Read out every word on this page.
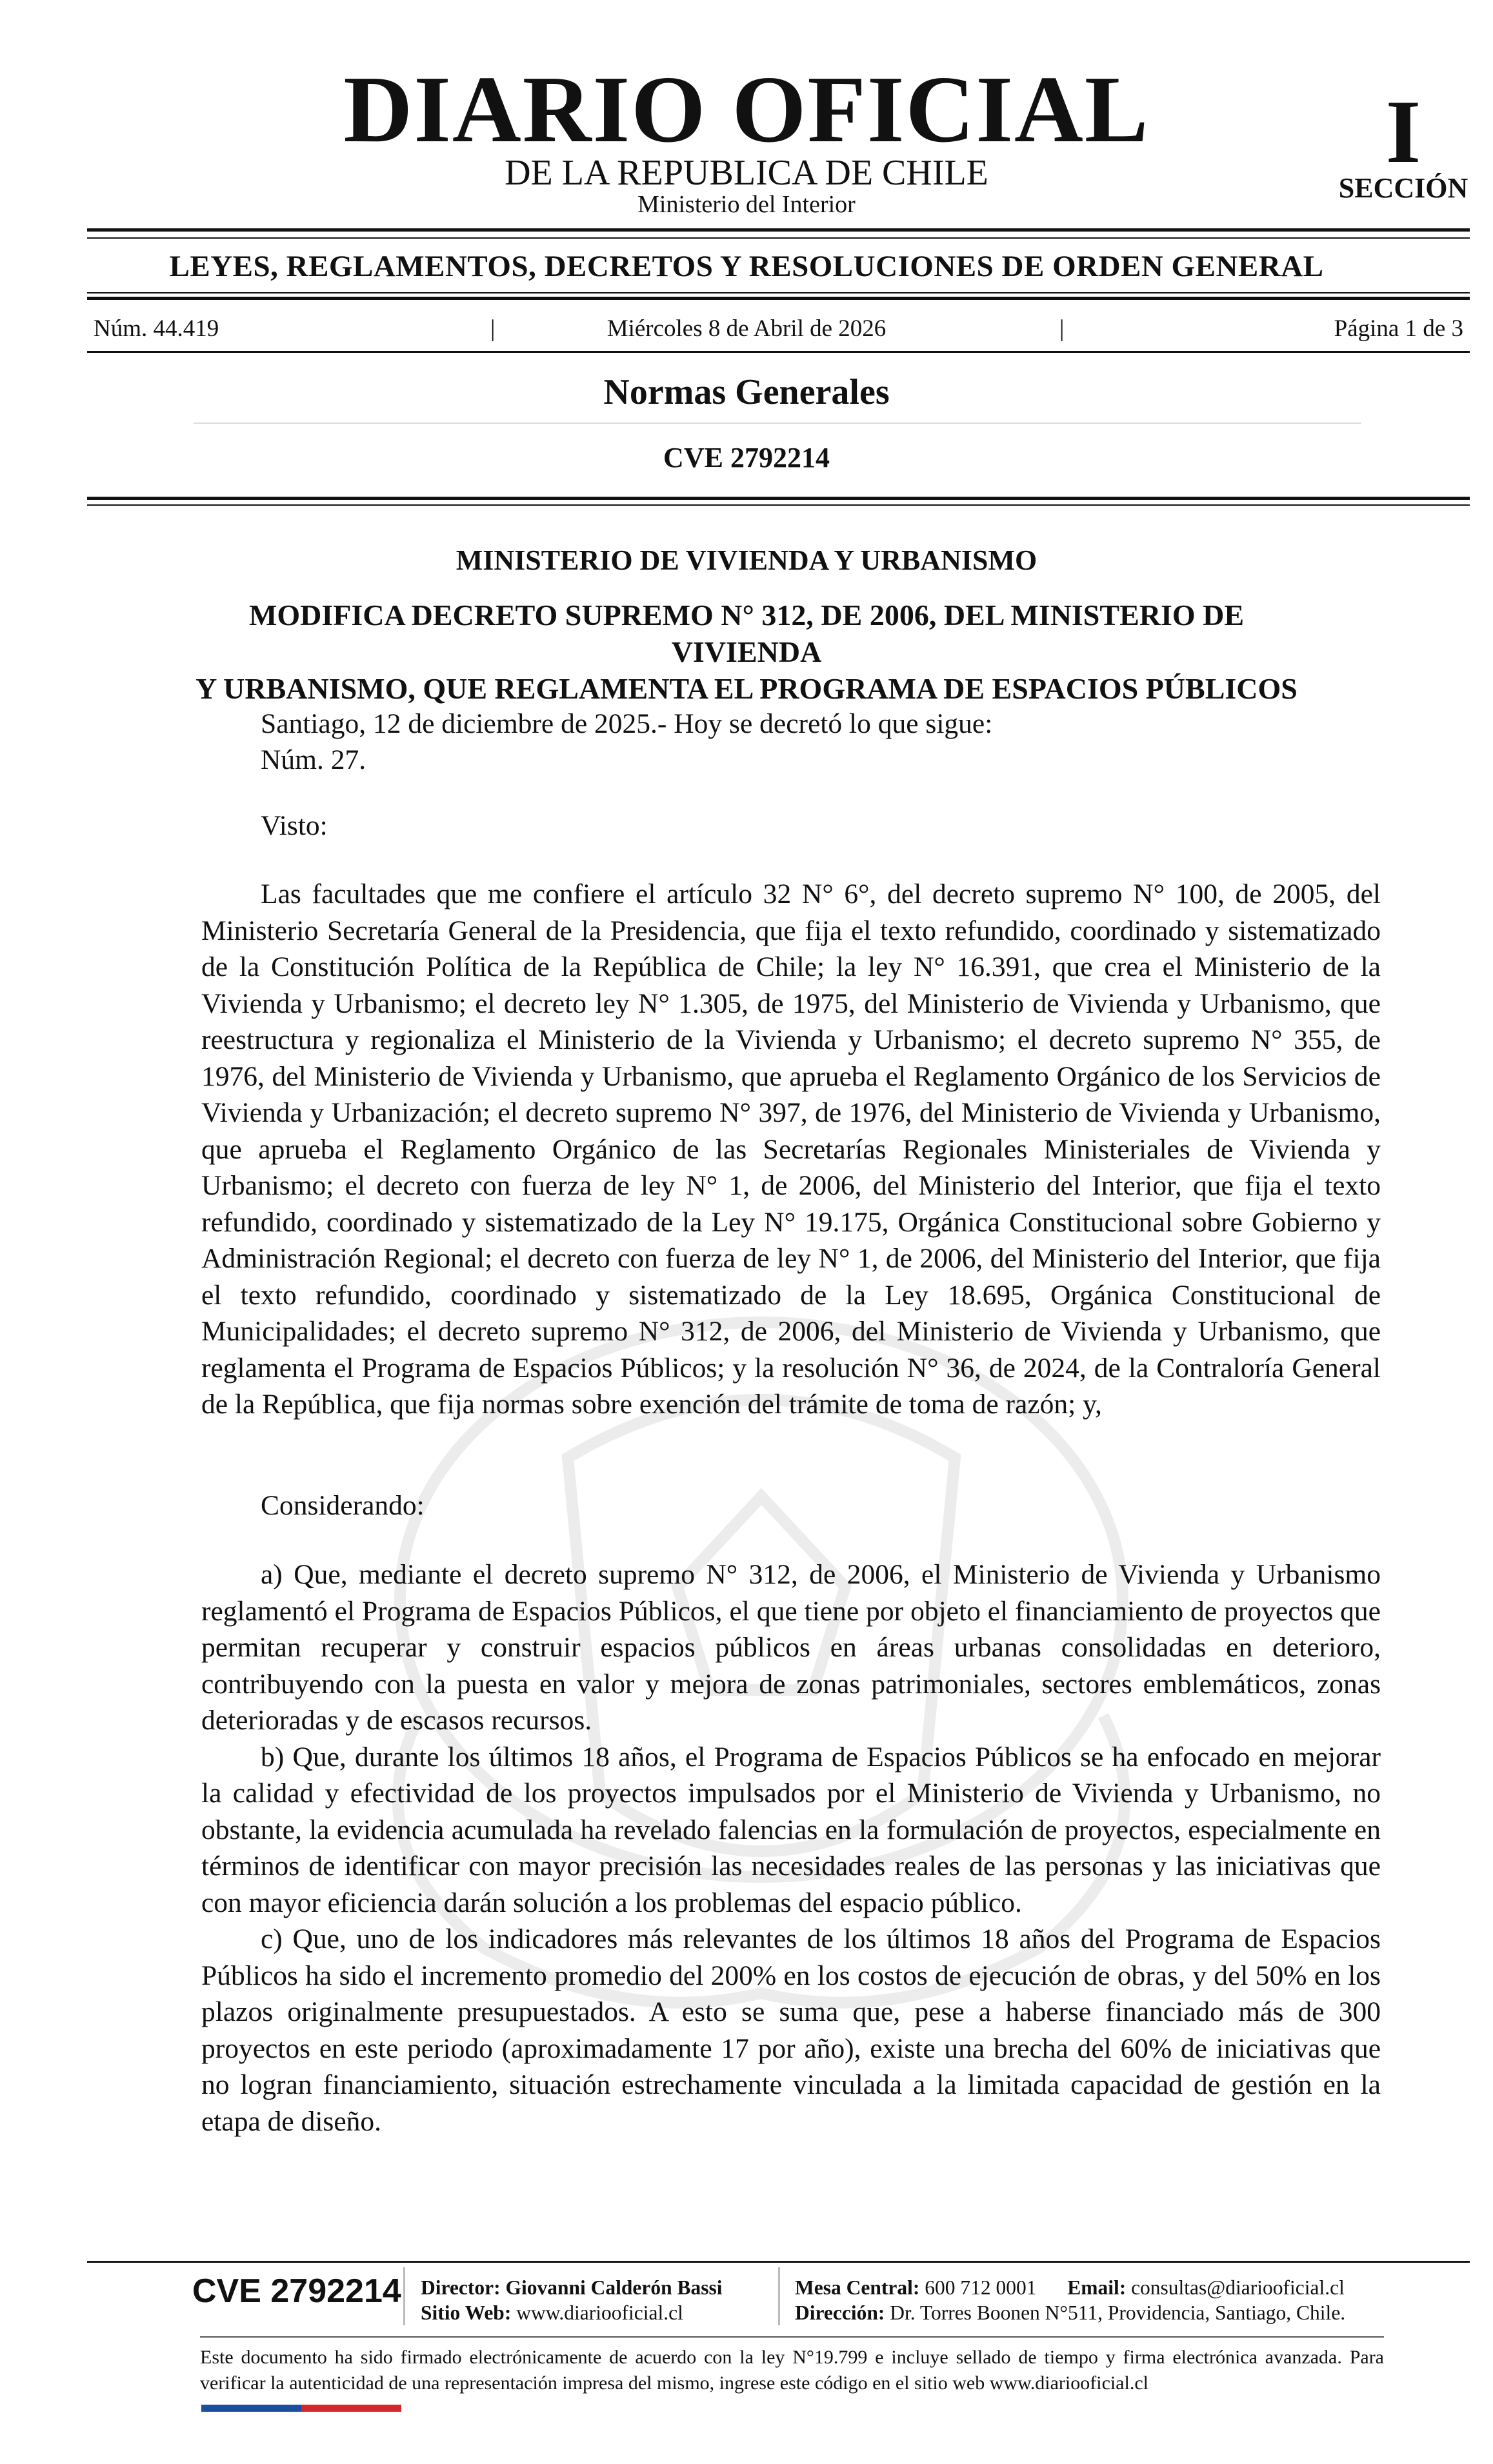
DIARIO OFICIAL
DE LA REPUBLICA DE CHILE
Ministerio del Interior
I
SECCIÓN
LEYES, REGLAMENTOS, DECRETOS Y RESOLUCIONES DE ORDEN GENERAL
Núm. 44.419	|	Miércoles 8 de Abril de 2026	|	Página 1 de 3
Normas Generales
CVE 2792214
MINISTERIO DE VIVIENDA Y URBANISMO
MODIFICA DECRETO SUPREMO N° 312, DE 2006, DEL MINISTERIO DE VIVIENDA
Y URBANISMO, QUE REGLAMENTA EL PROGRAMA DE ESPACIOS PÚBLICOS
Santiago, 12 de diciembre de 2025.- Hoy se decretó lo que sigue:
Núm. 27.
Visto:

Las facultades que me confiere el artículo 32 N° 6°, del decreto supremo N° 100, de 2005, del Ministerio Secretaría General de la Presidencia, que fija el texto refundido, coordinado y sistematizado de la Constitución Política de la República de Chile; la ley N° 16.391, que crea el Ministerio de la Vivienda y Urbanismo; el decreto ley N° 1.305, de 1975, del Ministerio de Vivienda y Urbanismo, que reestructura y regionaliza el Ministerio de la Vivienda y Urbanismo; el decreto supremo N° 355, de 1976, del Ministerio de Vivienda y Urbanismo, que aprueba el Reglamento Orgánico de los Servicios de Vivienda y Urbanización; el decreto supremo N° 397, de 1976, del Ministerio de Vivienda y Urbanismo, que aprueba el Reglamento Orgánico de las Secretarías Regionales Ministeriales de Vivienda y Urbanismo; el decreto con fuerza de ley N° 1, de 2006, del Ministerio del Interior, que fija el texto refundido, coordinado y sistematizado de la Ley N° 19.175, Orgánica Constitucional sobre Gobierno y Administración Regional; el decreto con fuerza de ley N° 1, de 2006, del Ministerio del Interior, que fija el texto refundido, coordinado y sistematizado de la Ley 18.695, Orgánica Constitucional de Municipalidades; el decreto supremo N° 312, de 2006, del Ministerio de Vivienda y Urbanismo, que reglamenta el Programa de Espacios Públicos; y la resolución N° 36, de 2024, de la Contraloría General de la República, que fija normas sobre exención del trámite de toma de razón; y,

Considerando:

a) Que, mediante el decreto supremo N° 312, de 2006, el Ministerio de Vivienda y Urbanismo reglamentó el Programa de Espacios Públicos, el que tiene por objeto el financiamiento de proyectos que permitan recuperar y construir espacios públicos en áreas urbanas consolidadas en deterioro, contribuyendo con la puesta en valor y mejora de zonas patrimoniales, sectores emblemáticos, zonas deterioradas y de escasos recursos.

b) Que, durante los últimos 18 años, el Programa de Espacios Públicos se ha enfocado en mejorar la calidad y efectividad de los proyectos impulsados por el Ministerio de Vivienda y Urbanismo, no obstante, la evidencia acumulada ha revelado falencias en la formulación de proyectos, especialmente en términos de identificar con mayor precisión las necesidades reales de las personas y las iniciativas que con mayor eficiencia darán solución a los problemas del espacio público.

c) Que, uno de los indicadores más relevantes de los últimos 18 años del Programa de Espacios Públicos ha sido el incremento promedio del 200% en los costos de ejecución de obras, y del 50% en los plazos originalmente presupuestados. A esto se suma que, pese a haberse financiado más de 300 proyectos en este periodo (aproximadamente 17 por año), existe una brecha del 60% de iniciativas que no logran financiamiento, situación estrechamente vinculada a la limitada capacidad de gestión en la etapa de diseño.

CVE 2792214 Director: Giovanni Calderón Bassi
Sitio Web: www.diariooficial.cl
Mesa Central: 600 712 0001 Email: consultas@diariooficial.cl
Dirección: Dr. Torres Boonen N°511, Providencia, Santiago, Chile.
Este documento ha sido firmado electrónicamente de acuerdo con la ley N°19.799 e incluye sellado de tiempo y firma electrónica avanzada. Para verificar la autenticidad de una representación impresa del mismo, ingrese este código en el sitio web www.diariooficial.cl
